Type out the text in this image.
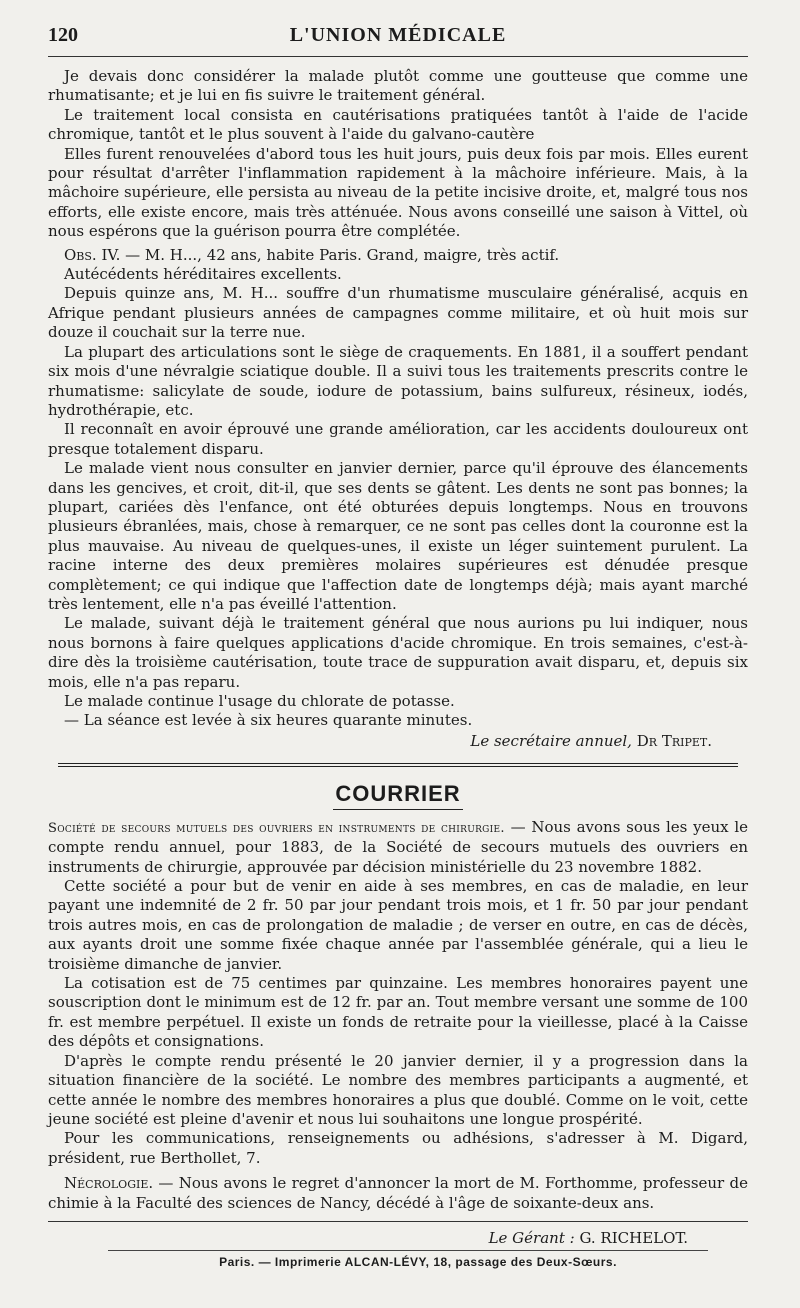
120	L'UNION MÉDICALE

Je devais donc considérer la malade plutôt comme une goutteuse que comme une rhumatisante; et je lui en fis suivre le traitement général.

Le traitement local consista en cautérisations pratiquées tantôt à l'aide de l'acide chromique, tantôt et le plus souvent à l'aide du galvano-cautère

Elles furent renouvelées d'abord tous les huit jours, puis deux fois par mois. Elles eurent pour résultat d'arrêter l'inflammation rapidement à la mâchoire inférieure. Mais, à la mâchoire supérieure, elle persista au niveau de la petite incisive droite, et, malgré tous nos efforts, elle existe encore, mais très atténuée. Nous avons conseillé une saison à Vittel, où nous espérons que la guérison pourra être complétée.

Obs. IV. — M. H..., 42 ans, habite Paris. Grand, maigre, très actif.

Autécédents héréditaires excellents.

Depuis quinze ans, M. H... souffre d'un rhumatisme musculaire généralisé, acquis en Afrique pendant plusieurs années de campagnes comme militaire, et où huit mois sur douze il couchait sur la terre nue.

La plupart des articulations sont le siège de craquements. En 1881, il a souffert pendant six mois d'une névralgie sciatique double. Il a suivi tous les traitements prescrits contre le rhumatisme: salicylate de soude, iodure de potassium, bains sulfureux, résineux, iodés, hydrothérapie, etc.

Il reconnaît en avoir éprouvé une grande amélioration, car les accidents douloureux ont presque totalement disparu.

Le malade vient nous consulter en janvier dernier, parce qu'il éprouve des élancements dans les gencives, et croit, dit-il, que ses dents se gâtent. Les dents ne sont pas bonnes; la plupart, cariées dès l'enfance, ont été obturées depuis longtemps. Nous en trouvons plusieurs ébranlées, mais, chose à remarquer, ce ne sont pas celles dont la couronne est la plus mauvaise. Au niveau de quelques-unes, il existe un léger suintement purulent. La racine interne des deux premières molaires supérieures est dénudée presque complètement; ce qui indique que l'affection date de longtemps déjà; mais ayant marché très lentement, elle n'a pas éveillé l'attention.

Le malade, suivant déjà le traitement général que nous aurions pu lui indiquer, nous nous bornons à faire quelques applications d'acide chromique. En trois semaines, c'est-à-dire dès la troisième cautérisation, toute trace de suppuration avait disparu, et, depuis six mois, elle n'a pas reparu.

Le malade continue l'usage du chlorate de potasse.

— La séance est levée à six heures quarante minutes.

Le secrétaire annuel, Dr Tripet.
COURRIER

Société de secours mutuels des ouvriers en instruments de chirurgie. — Nous avons sous les yeux le compte rendu annuel, pour 1883, de la Société de secours mutuels des ouvriers en instruments de chirurgie, approuvée par décision ministérielle du 23 novembre 1882.

Cette société a pour but de venir en aide à ses membres, en cas de maladie, en leur payant une indemnité de 2 fr. 50 par jour pendant trois mois, et 1 fr. 50 par jour pendant trois autres mois, en cas de prolongation de maladie ; de verser en outre, en cas de décès, aux ayants droit une somme fixée chaque année par l'assemblée générale, qui a lieu le troisième dimanche de janvier.

La cotisation est de 75 centimes par quinzaine. Les membres honoraires payent une souscription dont le minimum est de 12 fr. par an. Tout membre versant une somme de 100 fr. est membre perpétuel. Il existe un fonds de retraite pour la vieillesse, placé à la Caisse des dépôts et consignations.

D'après le compte rendu présenté le 20 janvier dernier, il y a progression dans la situation financière de la société. Le nombre des membres participants a augmenté, et cette année le nombre des membres honoraires a plus que doublé. Comme on le voit, cette jeune société est pleine d'avenir et nous lui souhaitons une longue prospérité.

Pour les communications, renseignements ou adhésions, s'adresser à M. Digard, président, rue Berthollet, 7.

Nécrologie. — Nous avons le regret d'annoncer la mort de M. Forthomme, professeur de chimie à la Faculté des sciences de Nancy, décédé à l'âge de soixante-deux ans.

Le Gérant : G. RICHELOT.
Paris. — Imprimerie ALCAN-LÉVY, 18, passage des Deux-Sœurs.
